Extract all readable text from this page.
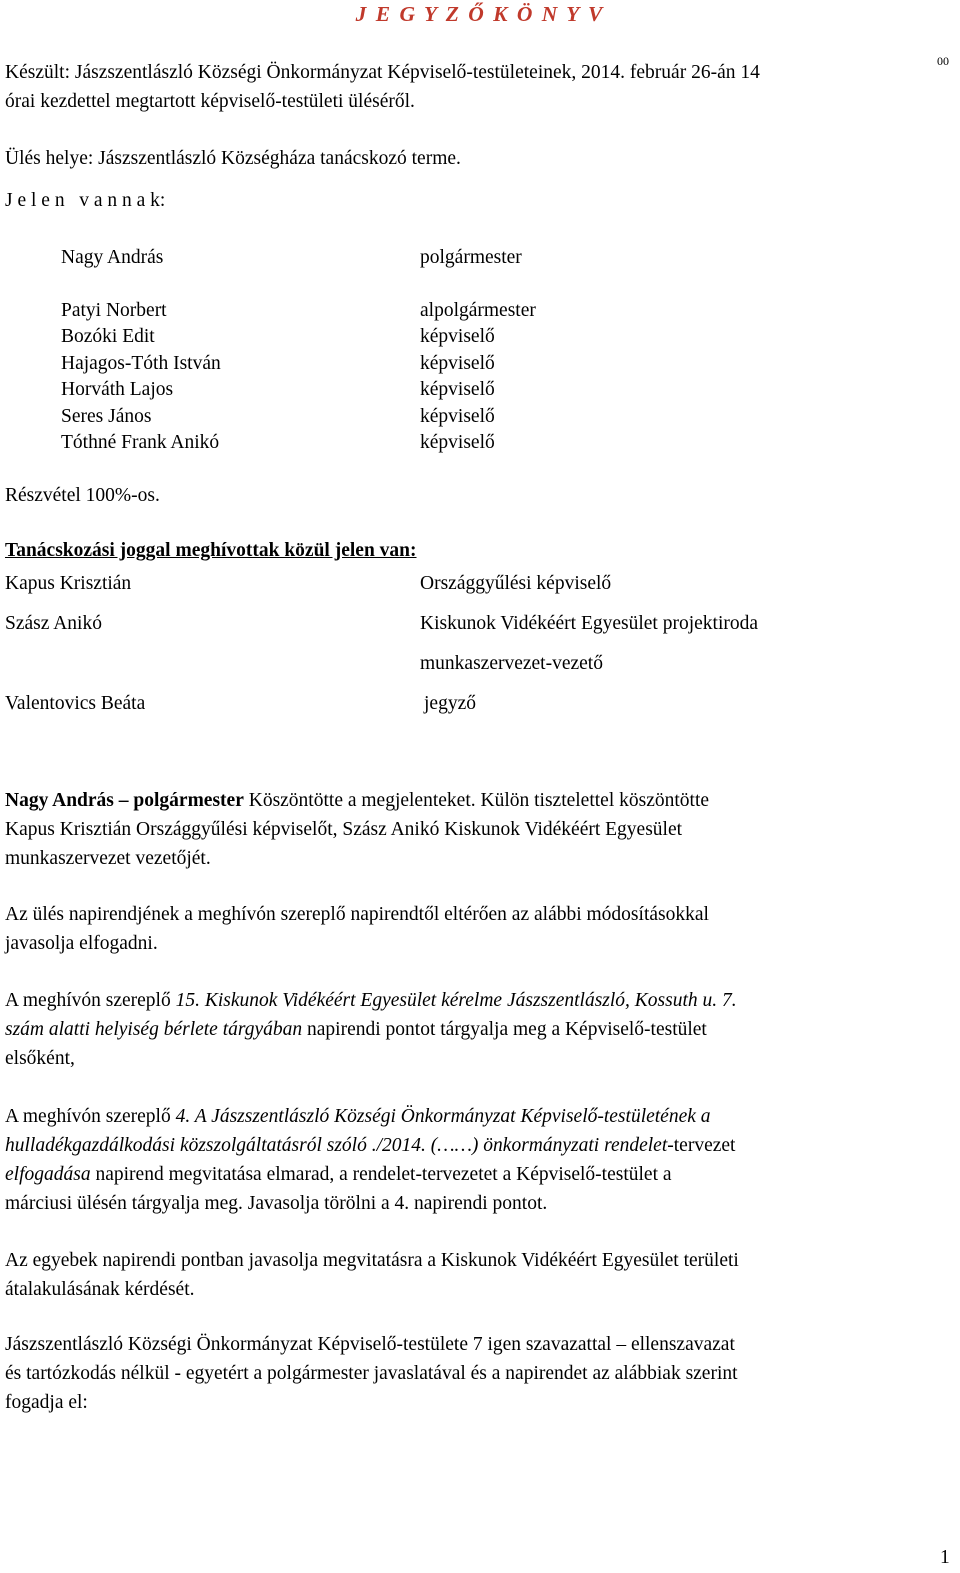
J E G Y Z Ő K Ö N Y V
Készült: Jászszentlászló Községi Önkormányzat Képviselő-testületeinek, 2014. február 26-án 14
00
órai kezdettel megtartott képviselő-testületi üléséről.
Ülés helye: Jászszentlászló Községháza tanácskozó terme.
J e l e n   v a n n a k:
Nagy András	polgármester
Patyi Norbert	alpolgármester
Bozóki Edit	képviselő
Hajagos-Tóth István	képviselő
Horváth Lajos	képviselő
Seres János	képviselő
Tóthné Frank Anikó	képviselő
Részvétel 100%-os.
Tanácskozási joggal meghívottak közül jelen van:
Kapus Krisztián	Országgyűlési képviselő
Szász Anikó	Kiskunok Vidékéért Egyesület projektiroda
munkaszervezet-vezető
Valentovics Beáta	jegyző
Nagy András – polgármester Köszöntötte a megjelenteket. Külön tisztelettel köszöntötte
Kapus Krisztián Országgyűlési képviselőt, Szász Anikó Kiskunok Vidékéért Egyesület
munkaszervezet vezetőjét.
Az ülés napirendjének a meghívón szereplő napirendtől eltérően az alábbi módosításokkal
javasolja elfogadni.
A meghívón szereplő 15. Kiskunok Vidékéért Egyesület kérelme Jászszentlászló, Kossuth u. 7.
szám alatti helyiség bérlete tárgyában napirendi pontot tárgyalja meg a Képviselő-testület
elsőként,
A meghívón szereplő 4. A Jászszentlászló Községi Önkormányzat Képviselő-testületének a
hulladékgazdálkodási közszolgáltatásról szóló ./2014. (……) önkormányzati rendelet-tervezet
elfogadása napirend megvitatása elmarad, a rendelet-tervezetet a Képviselő-testület a
márciusi ülésén tárgyalja meg. Javasolja törölni a 4. napirendi pontot.
Az egyebek napirendi pontban javasolja megvitatásra a Kiskunok Vidékéért Egyesület területi
átalakulásának kérdését.
Jászszentlászló Községi Önkormányzat Képviselő-testülete 7 igen szavazattal – ellenszavazat
és tartózkodás nélkül - egyetért a polgármester javaslatával és a napirendet az alábbiak szerint
fogadja el:
1
